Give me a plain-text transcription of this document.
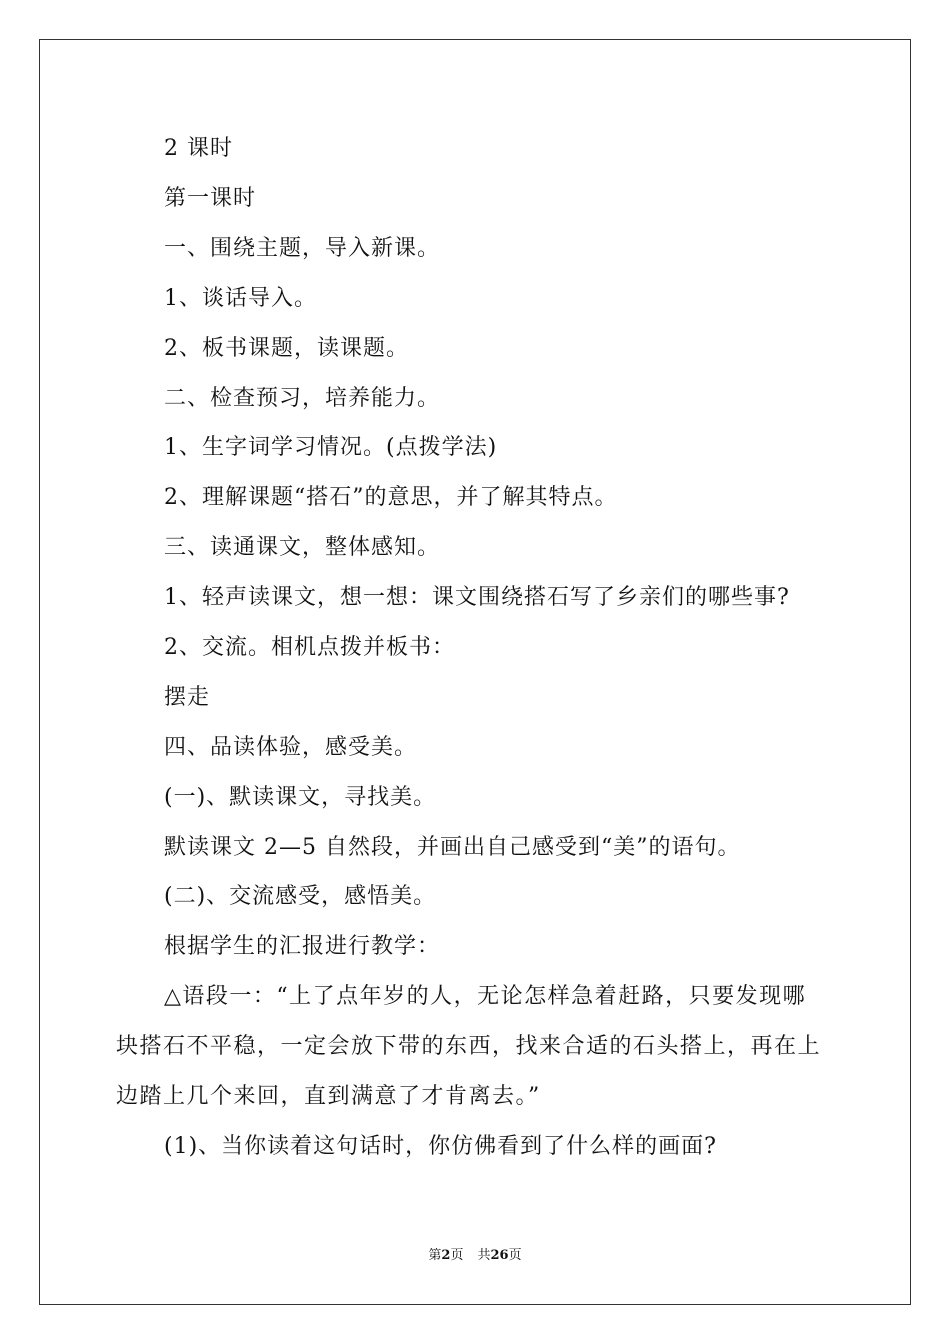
2 课时
第一课时
一、围绕主题，导入新课。
1、谈话导入。
2、板书课题，读课题。
二、检查预习，培养能力。
1、生字词学习情况。(点拨学法)
2、理解课题“搭石”的意思，并了解其特点。
三、读通课文，整体感知。
1、轻声读课文，想一想：课文围绕搭石写了乡亲们的哪些事?
2、交流。相机点拨并板书：
摆走
四、品读体验，感受美。
(一)、默读课文，寻找美。
默读课文 2—5 自然段，并画出自己感受到“美”的语句。
(二)、交流感受，感悟美。
根据学生的汇报进行教学：
△语段一：“上了点年岁的人，无论怎样急着赶路，只要发现哪
块搭石不平稳，一定会放下带的东西，找来合适的石头搭上，再在上
边踏上几个来回，直到满意了才肯离去。”
(1)、当你读着这句话时，你仿佛看到了什么样的画面?
第2页 共26页
